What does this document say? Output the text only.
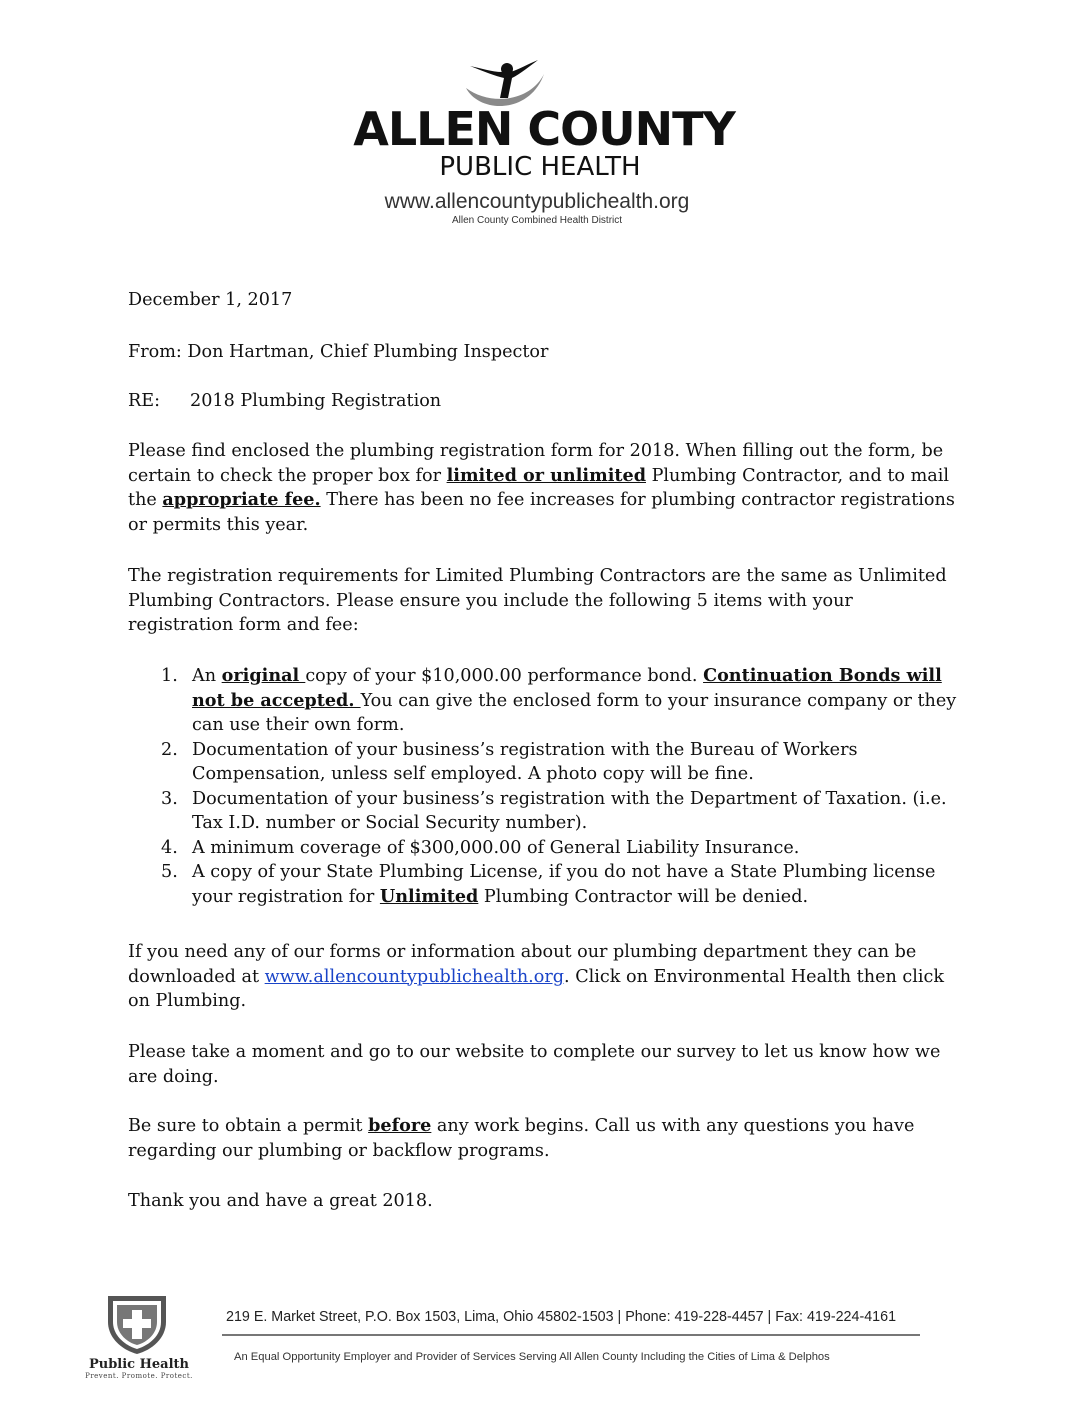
ALLEN COUNTY
PUBLIC HEALTH
www.allencountypublichealth.org
Allen County Combined Health District

December 1, 2017

From: Don Hartman, Chief Plumbing Inspector

RE: 2018 Plumbing Registration

Please find enclosed the plumbing registration form for 2018. When filling out the form, be certain to check the proper box for limited or unlimited Plumbing Contractor, and to mail the appropriate fee. There has been no fee increases for plumbing contractor registrations or permits this year.

The registration requirements for Limited Plumbing Contractors are the same as Unlimited Plumbing Contractors. Please ensure you include the following 5 items with your registration form and fee:

1. An original copy of your $10,000.00 performance bond. Continuation Bonds will not be accepted. You can give the enclosed form to your insurance company or they can use their own form.
2. Documentation of your business’s registration with the Bureau of Workers Compensation, unless self employed. A photo copy will be fine.
3. Documentation of your business’s registration with the Department of Taxation. (i.e. Tax I.D. number or Social Security number).
4. A minimum coverage of $300,000.00 of General Liability Insurance.
5. A copy of your State Plumbing License, if you do not have a State Plumbing license your registration for Unlimited Plumbing Contractor will be denied.

If you need any of our forms or information about our plumbing department they can be downloaded at www.allencountypublichealth.org. Click on Environmental Health then click on Plumbing.

Please take a moment and go to our website to complete our survey to let us know how we are doing.

Be sure to obtain a permit before any work begins. Call us with any questions you have regarding our plumbing or backflow programs.

Thank you and have a great 2018.

Public Health
Prevent. Promote. Protect.
219 E. Market Street, P.O. Box 1503, Lima, Ohio 45802-1503 | Phone: 419-228-4457 | Fax: 419-224-4161
An Equal Opportunity Employer and Provider of Services Serving All Allen County Including the Cities of Lima & Delphos
